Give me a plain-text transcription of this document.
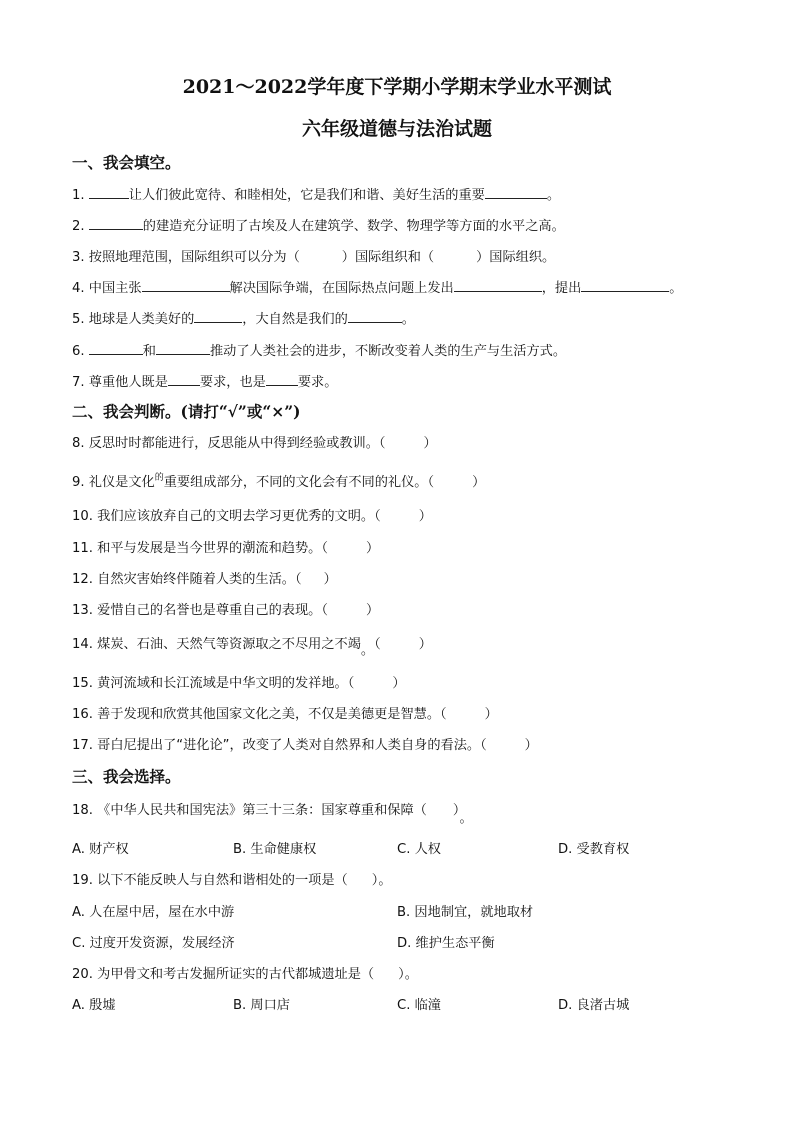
2021～2022学年度下学期小学期末学业水平测试
六年级道德与法治试题
一、我会填空。
1.	让人们彼此宽待、和睦相处，它是我们和谐、美好生活的重要	。
2.	的建造充分证明了古埃及人在建筑学、数学、物理学等方面的水平之高。
3. 按照地理范围，国际组织可以分为（	）国际组织和（	）国际组织。
4. 中国主张	解决国际争端，在国际热点问题上发出	，提出	。
5. 地球是人类美好的	，大自然是我们的	。
6.	和	推动了人类社会的进步，不断改变着人类的生产与生活方式。
7. 尊重他人既是 要求，也是 要求。
二、我会判断。(请打“√”或“×”)
8. 反思时时都能进行，反思能从中得到经验或教训。（	）
9. 礼仪是文化$^的$重要组成部分，不同的文化会有不同的礼仪。（	）
10. 我们应该放弃自己的文明去学习更优秀的文明。（	）
11. 和平与发展是当今世界的潮流和趋势。（	）
12. 自然灾害始终伴随着人类的生活。（ ）
13. 爱惜自己的名誉也是尊重自己的表现。（	）
14. 煤炭、石油、天然气等资源取之不尽用之不竭。（	）
15. 黄河流域和长江流域是中华文明的发祥地。（	）
16. 善于发现和欣赏其他国家文化之美，不仅是美德更是智慧。（	）
17. 哥白尼提出了“进化论”，改变了人类对自然界和人类自身的看法。（	）
三、我会选择。
18. 《中华人民共和国宪法》第三十三条：国家尊重和保障（ ）。
A. 财产权	B. 生命健康权	C. 人权	D. 受教育权
19. 以下不能反映人与自然和谐相处的一项是（ ）。
A. 人在屋中居，屋在水中游	B. 因地制宜，就地取材
C. 过度开发资源，发展经济	D. 维护生态平衡
20. 为甲骨文和考古发掘所证实的古代都城遗址是（ ）。
A. 殷墟	B. 周口店	C. 临潼	D. 良渚古城
